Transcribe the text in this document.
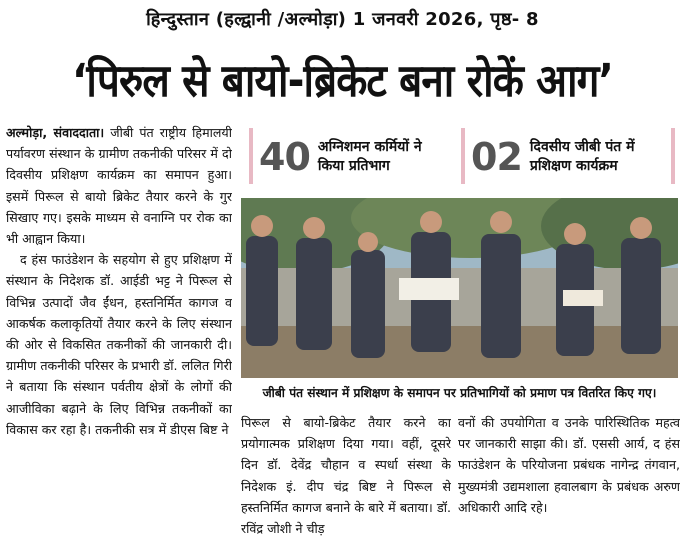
हिन्दुस्तान (हल्द्वानी /अल्मोड़ा) 1 जनवरी 2026, पृष्ठ- 8
‘पिरुल से बायो-ब्रिकेट बना रोकें आग’

अल्मोड़ा, संवाददाता। जीबी पंत राष्ट्रीय हिमालयी पर्यावरण संस्थान के ग्रामीण तकनीकी परिसर में दो दिवसीय प्रशिक्षण कार्यक्रम का समापन हुआ। इसमें पिरूल से बायो ब्रिकेट तैयार करने के गुर सिखाए गए। इसके माध्यम से वनाग्नि पर रोक का भी आह्वान किया।

द हंस फाउंडेशन के सहयोग से हुए प्रशिक्षण में संस्थान के निदेशक डॉ. आईडी भट्ट ने पिरूल से विभिन्न उत्पादों जैव ईंधन, हस्तनिर्मित कागज व आकर्षक कलाकृतियों तैयार करने के लिए संस्थान की ओर से विकसित तकनीकों की जानकारी दी। ग्रामीण तकनीकी परिसर के प्रभारी डॉ. ललित गिरी ने बताया कि संस्थान पर्वतीय क्षेत्रों के लोगों की आजीविका बढ़ाने के लिए विभिन्न तकनीकों का विकास कर रहा है। तकनीकी सत्र में डीएस बिष्ट ने

40 अग्निशमन कर्मियों ने
किया प्रतिभाग	02 दिवसीय जीबी पंत में
प्रशिक्षण कार्यक्रम
जीबी पंत संस्थान में प्रशिक्षण के समापन पर प्रतिभागियों को प्रमाण पत्र वितरित किए गए।

पिरूल से बायो-ब्रिकेट तैयार करने का प्रयोगात्मक प्रशिक्षण दिया गया। वहीं, दूसरे दिन डॉ. देवेंद्र चौहान व स्पर्धा संस्था के निदेशक इं. दीप चंद्र बिष्ट ने पिरूल से हस्तनिर्मित कागज बनाने के बारे में बताया। डॉ. रविंद्र जोशी ने चीड़

वनों की उपयोगिता व उनके पारिस्थितिक महत्व पर जानकारी साझा की। डॉ. एससी आर्य, द हंस फाउंडेशन के परियोजना प्रबंधक नागेन्द्र तंगवान, मुख्यमंत्री उद्यमशाला हवालबाग के प्रबंधक अरुण अधिकारी आदि रहे।
